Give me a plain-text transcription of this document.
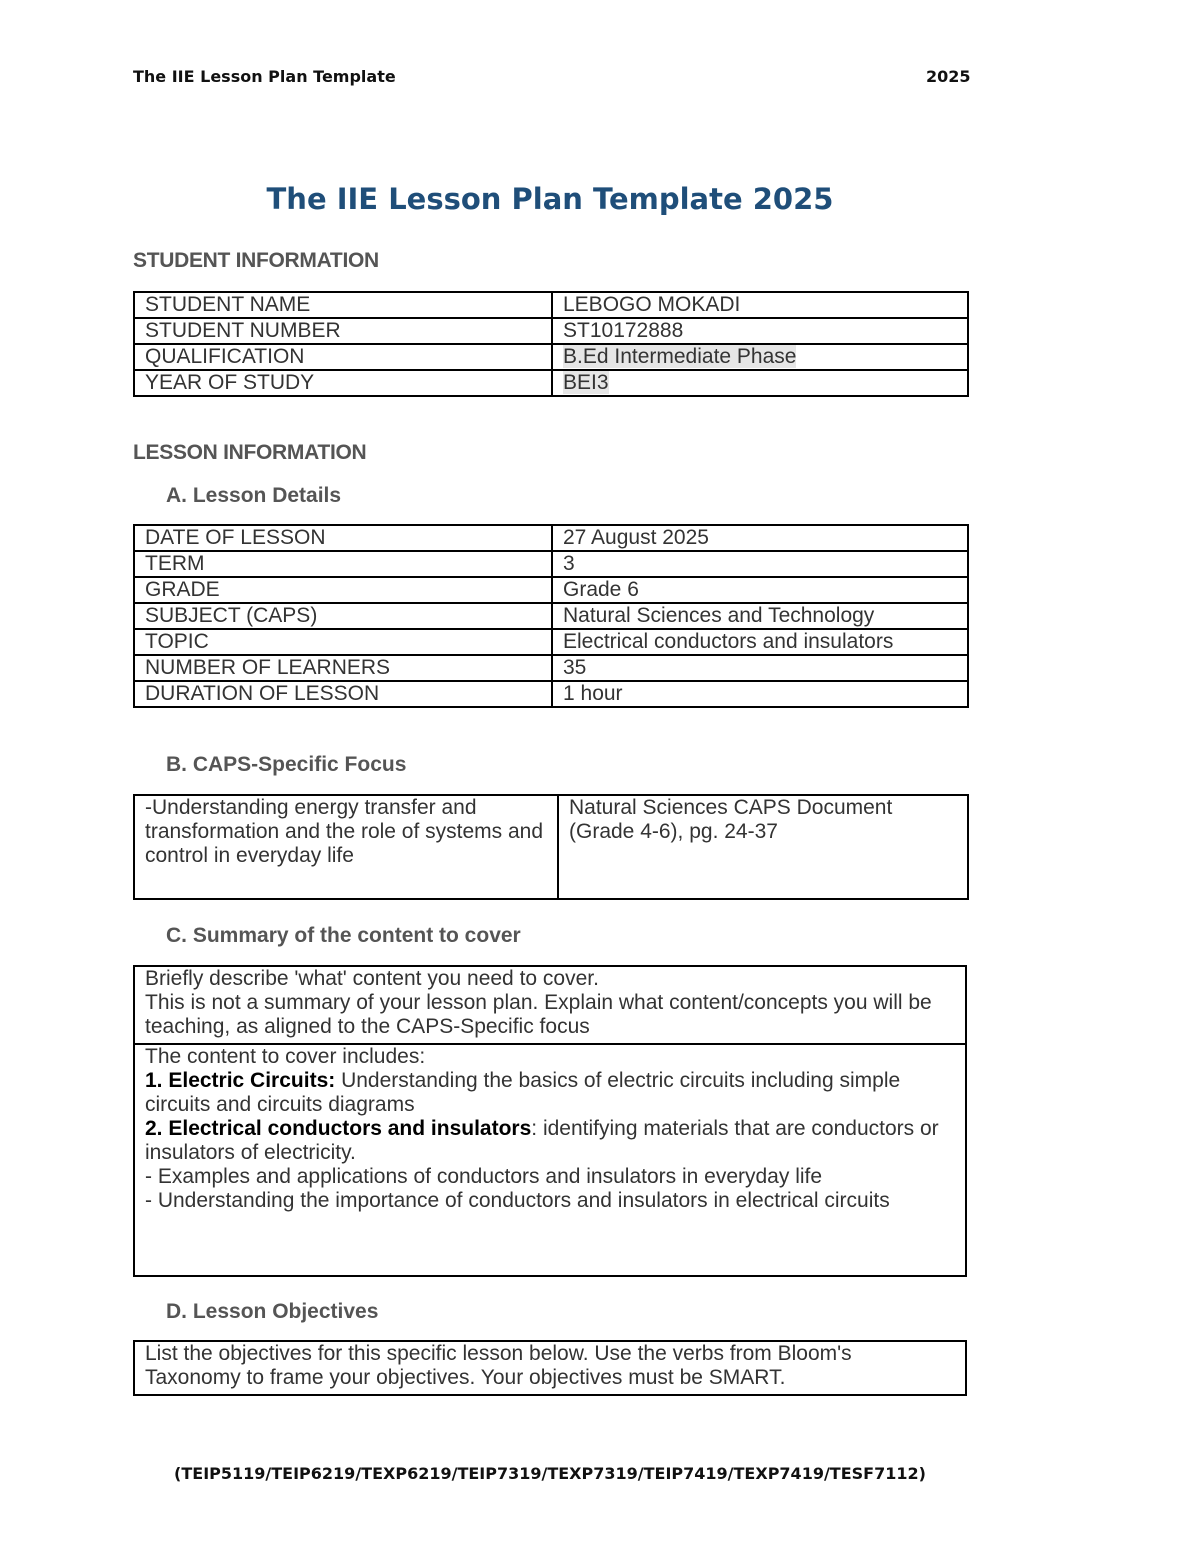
The IIE Lesson Plan Template	2025
The IIE Lesson Plan Template 2025
STUDENT INFORMATION
STUDENT NAME	LEBOGO MOKADI
STUDENT NUMBER	ST10172888
QUALIFICATION	B.Ed Intermediate Phase
YEAR OF STUDY	BEI3
LESSON INFORMATION
A. Lesson Details
DATE OF LESSON	27 August 2025
TERM	3
GRADE	Grade 6
SUBJECT (CAPS)	Natural Sciences and Technology
TOPIC	Electrical conductors and insulators
NUMBER OF LEARNERS	35
DURATION OF LESSON	1 hour
B. CAPS-Specific Focus
-Understanding energy transfer and transformation and the role of systems and control in everyday life	Natural Sciences CAPS Document (Grade 4-6), pg. 24-37
C. Summary of the content to cover
Briefly describe 'what' content you need to cover.
This is not a summary of your lesson plan. Explain what content/concepts you will be teaching, as aligned to the CAPS-Specific focus

The content to cover includes:
1. Electric Circuits: Understanding the basics of electric circuits including simple circuits and circuits diagrams
2. Electrical conductors and insulators: identifying materials that are conductors or insulators of electricity.
- Examples and applications of conductors and insulators in everyday life
- Understanding the importance of conductors and insulators in electrical circuits
D. Lesson Objectives
List the objectives for this specific lesson below. Use the verbs from Bloom's Taxonomy to frame your objectives. Your objectives must be SMART.
(TEIP5119/TEIP6219/TEXP6219/TEIP7319/TEXP7319/TEIP7419/TEXP7419/TESF7112)
